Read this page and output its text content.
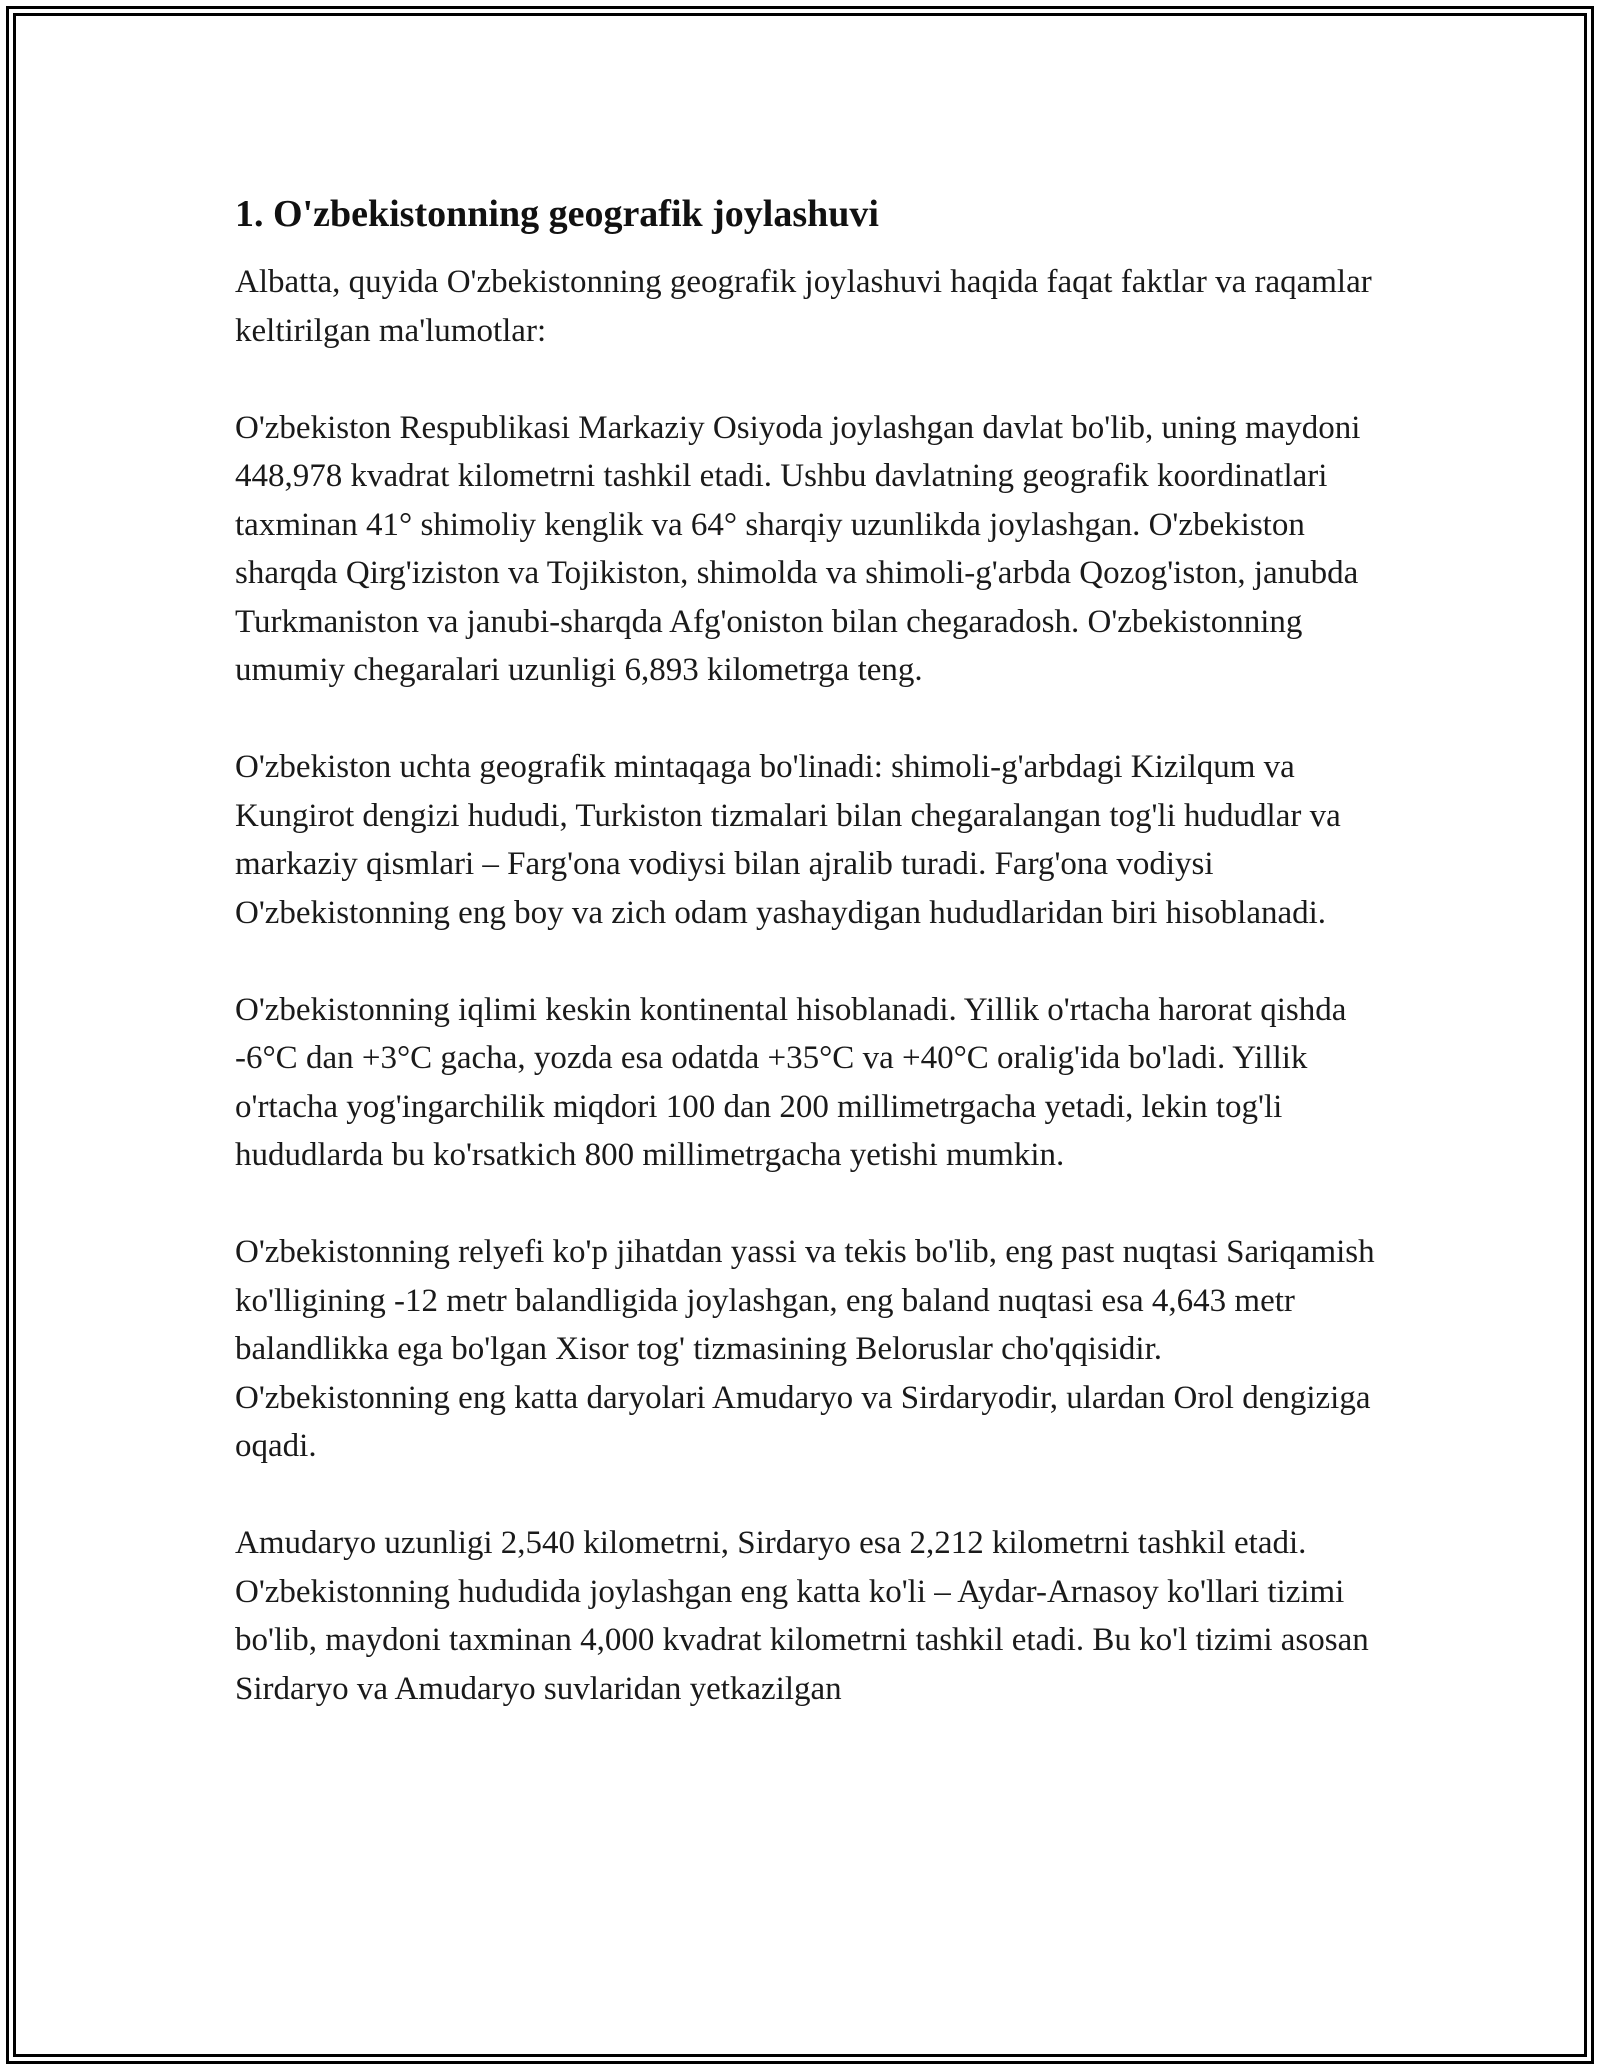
1. O'zbekistonning geografik joylashuvi

Albatta, quyida O'zbekistonning geografik joylashuvi haqida faqat faktlar va raqamlar keltirilgan ma'lumotlar:

O'zbekiston Respublikasi Markaziy Osiyoda joylashgan davlat bo'lib, uning maydoni 448,978 kvadrat kilometrni tashkil etadi. Ushbu davlatning geografik koordinatlari taxminan 41° shimoliy kenglik va 64° sharqiy uzunlikda joylashgan. O'zbekiston sharqda Qirg'iziston va Tojikiston, shimolda va shimoli-g'arbda Qozog'iston, janubda Turkmaniston va janubi-sharqda Afg'oniston bilan chegaradosh. O'zbekistonning umumiy chegaralari uzunligi 6,893 kilometrga teng.

O'zbekiston uchta geografik mintaqaga bo'linadi: shimoli-g'arbdagi Kizilqum va Kungirot dengizi hududi, Turkiston tizmalari bilan chegaralangan tog'li hududlar va markaziy qismlari – Farg'ona vodiysi bilan ajralib turadi. Farg'ona vodiysi O'zbekistonning eng boy va zich odam yashaydigan hududlaridan biri hisoblanadi.

O'zbekistonning iqlimi keskin kontinental hisoblanadi. Yillik o'rtacha harorat qishda -6°C dan +3°C gacha, yozda esa odatda +35°C va +40°C oralig'ida bo'ladi. Yillik o'rtacha yog'ingarchilik miqdori 100 dan 200 millimetrgacha yetadi, lekin tog'li hududlarda bu ko'rsatkich 800 millimetrgacha yetishi mumkin.

O'zbekistonning relyefi ko'p jihatdan yassi va tekis bo'lib, eng past nuqtasi Sariqamish ko'lligining -12 metr balandligida joylashgan, eng baland nuqtasi esa 4,643 metr balandlikka ega bo'lgan Xisor tog' tizmasining Beloruslar cho'qqisidir. O'zbekistonning eng katta daryolari Amudaryo va Sirdaryodir, ulardan Orol dengiziga oqadi.

Amudaryo uzunligi 2,540 kilometrni, Sirdaryo esa 2,212 kilometrni tashkil etadi. O'zbekistonning hududida joylashgan eng katta ko'li – Aydar-Arnasoy ko'llari tizimi bo'lib, maydoni taxminan 4,000 kvadrat kilometrni tashkil etadi. Bu ko'l tizimi asosan Sirdaryo va Amudaryo suvlaridan yetkazilgan
